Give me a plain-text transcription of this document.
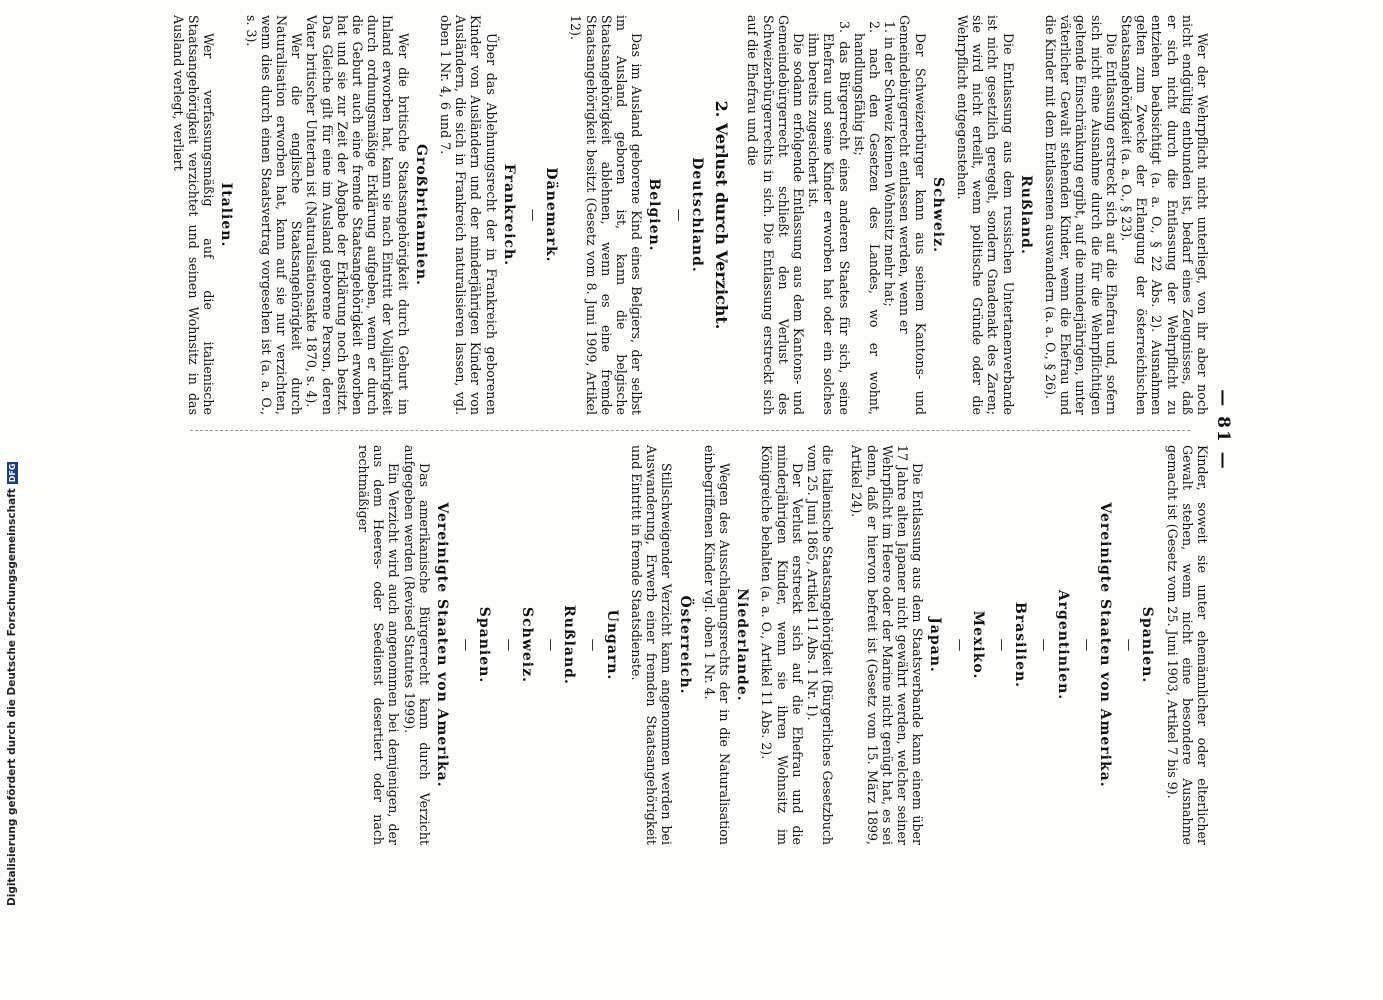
— 81 —

Wer der Wehrpflicht nicht unterliegt, von ihr aber noch nicht endgültig entbunden ist, bedarf eines Zeugnisses, daß er sich nicht durch die Entlassung der Wehrpflicht zu entziehen beabsichtigt (a. a. O., § 22 Abs. 2). Ausnahmen gelten zum Zwecke der Erlangung der österreichischen Staatsangehörigkeit (a. a. O., § 23).

Die Entlassung erstreckt sich auf die Ehefrau und, sofern sich nicht eine Ausnahme durch die für die Wehrpflichtigen geltende Einschränkung ergibt, auf die minderjährigen, unter väterlicher Gewalt stehenden Kinder, wenn die Ehefrau und die Kinder mit dem Entlassenen auswandern (a. a. O., § 26).

Rußland.

Die Entlassung aus dem russischen Untertanenverbande ist nicht gesetzlich geregelt, sondern Gnadenakt des Zaren; sie wird nicht erteilt, wenn politische Gründe oder die Wehrpflicht entgegenstehen.

Schweiz.

Der Schweizerbürger kann aus seinem Kantons- und Gemeindebürgerrecht entlassen werden, wenn er

1. in der Schweiz keinen Wohnsitz mehr hat;
2. nach den Gesetzen des Landes, wo er wohnt, handlungsfähig ist;
3. das Bürgerrecht eines anderen Staates für sich, seine Ehefrau und seine Kinder erworben hat oder ein solches ihm bereits zugesichert ist.

Die sodann erfolgende Entlassung aus dem Kantons- und Gemeindebürgerrecht schließt den Verlust des Schweizerbürgerrechts in sich. Die Entlassung erstreckt sich auf die Ehefrau und die

2. Verlust durch Verzicht.
Deutschland.
—
Belgien.

Das im Ausland geborene Kind eines Belgiers, der selbst im Ausland geboren ist, kann die belgische Staatsangehörigkeit ablehnen, wenn es eine fremde Staatsangehörigkeit besitzt (Gesetz vom 8. Juni 1909, Artikel 12).

Dänemark.
—
Frankreich.

Über das Ablehnungsrecht der in Frankreich geborenen Kinder von Ausländern und der minderjährigen Kinder von Ausländern, die sich in Frankreich naturalisieren lassen, vgl. oben 1 Nr. 4, 6 und 7.

Großbritannien.

Wer die britische Staatsangehörigkeit durch Geburt im Inland erworben hat, kann sie nach Eintritt der Volljährigkeit durch ordnungsmäßige Erklärung aufgeben, wenn er durch die Geburt auch eine fremde Staatsangehörigkeit erworben hat und sie zur Zeit der Abgabe der Erklärung noch besitzt. Das Gleiche gilt für eine im Ausland geborene Person, deren Vater britischer Untertan ist (Naturalisationsakte 1870, s. 4).

Wer die englische Staatsangehörigkeit durch Naturalisation erworben hat, kann auf sie nur verzichten, wenn dies durch einen Staatsvertrag vorgesehen ist (a. a. O., s. 3).

Italien.

Wer verfassungsmäßig auf die italienische Staatsangehörigkeit verzichtet und seinen Wohnsitz in das Ausland verlegt, verliert

Kinder, soweit sie unter ehemännlicher oder elterlicher Gewalt stehen, wenn nicht eine besondere Ausnahme gemacht ist (Gesetz vom 25. Juni 1903, Artikel 7 bis 9).

Spanien.
—
Vereinigte Staaten von Amerika.
—
Argentinien.
—
Brasilien.
—
Mexiko.
—
Japan.

Die Entlassung aus dem Staatsverbande kann einem über 17 Jahre alten Japaner nicht gewährt werden, welcher seiner Wehrpflicht im Heere oder der Marine nicht genügt hat, es sei denn, daß er hiervon befreit ist (Gesetz vom 15. März 1899, Artikel 24).

die italienische Staatsangehörigkeit (Bürgerliches Gesetzbuch vom 25. Juni 1865, Artikel 11 Abs. 1 Nr. 1).

Der Verlust erstreckt sich auf die Ehefrau und die minderjährigen Kinder, wenn sie ihren Wohnsitz im Königreiche behalten (a. a. O., Artikel 11 Abs. 2).

Niederlande.

Wegen des Ausschlagungsrechts der in die Naturalisation einbegriffenen Kinder vgl. oben 1 Nr. 4.

Österreich.

Stillschweigender Verzicht kann angenommen werden bei Auswanderung, Erwerb einer fremden Staatsangehörigkeit und Eintritt in fremde Staatsdienste.

Ungarn.
—
Rußland.
—
Schweiz.
—
Spanien.
—
Vereinigte Staaten von Amerika.

Das amerikanische Bürgerrecht kann durch Verzicht aufgegeben werden (Revised Statutes 1999).

Ein Verzicht wird auch angenommen bei demjenigen, der aus dem Heeres- oder Seedienst desertiert oder nach rechtmäßiger

Digitalisierung gefördert durch die Deutsche ForschungsgemeinschaftDFG
